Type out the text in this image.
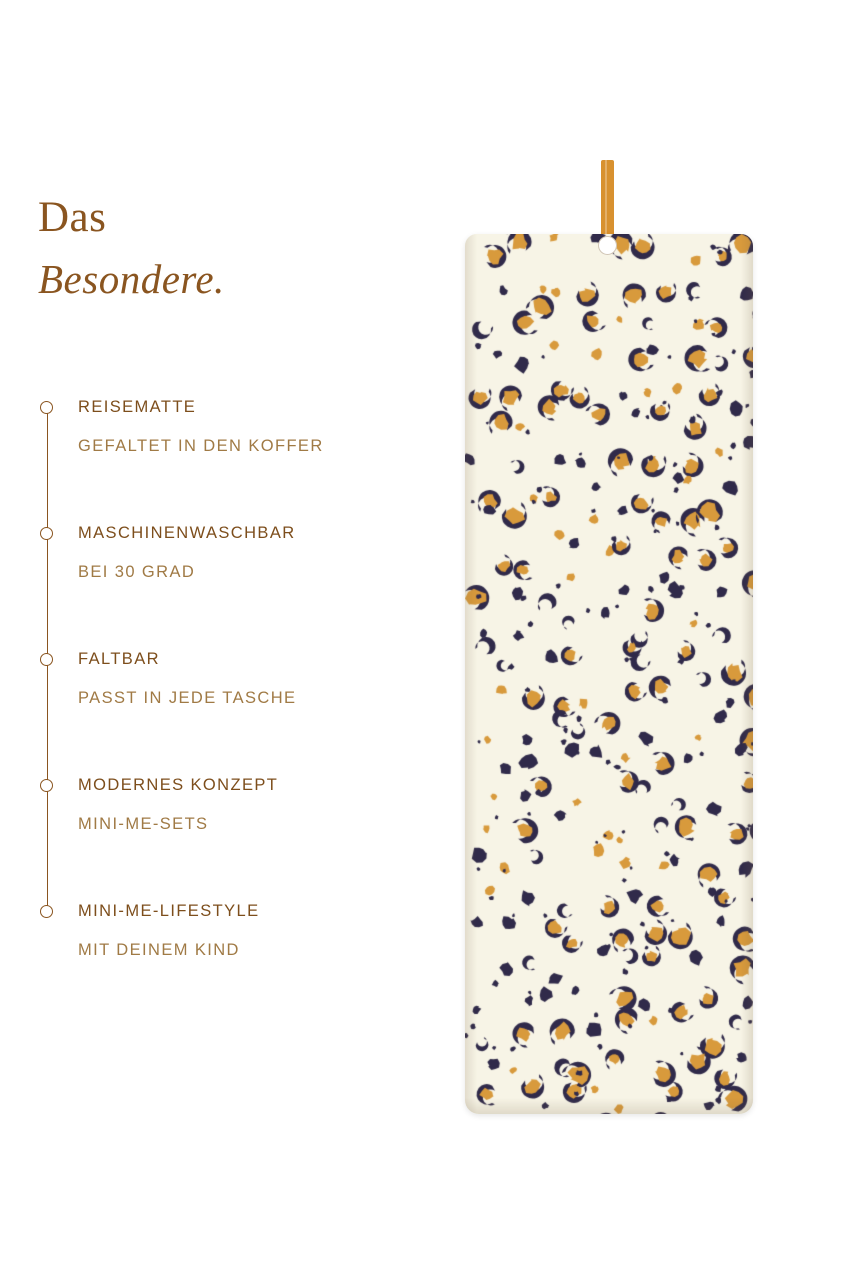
Das
Besondere.
REISEMATTE
GEFALTET IN DEN KOFFER
MASCHINENWASCHBAR
BEI 30 GRAD
FALTBAR
PASST IN JEDE TASCHE
MODERNES KONZEPT
MINI-ME-SETS
MINI-ME-LIFESTYLE
MIT DEINEM KIND
